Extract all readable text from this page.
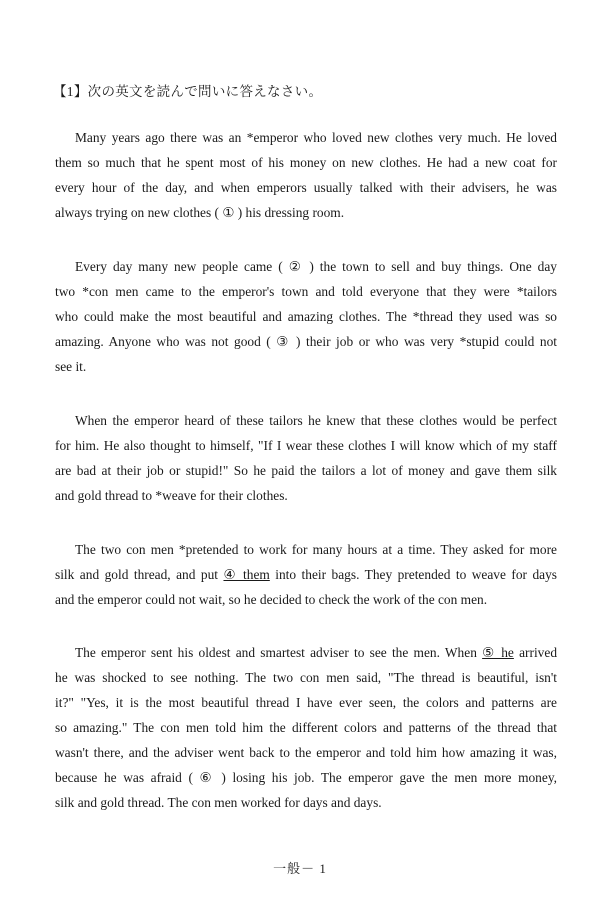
【1】次の英文を読んで問いに答えなさい。
Many years ago there was an *emperor who loved new clothes very much. He loved
them so much that he spent most of his money on new clothes. He had a new coat for
every hour of the day, and when emperors usually talked with their advisers, he was
always trying on new clothes ( ① ) his dressing room.
Every day many new people came ( ② ) the town to sell and buy things. One day
two *con men came to the emperor's town and told everyone that they were *tailors
who could make the most beautiful and amazing clothes. The *thread they used was so
amazing. Anyone who was not good ( ③ ) their job or who was very *stupid could not
see it.
When the emperor heard of these tailors he knew that these clothes would be perfect
for him. He also thought to himself, "If I wear these clothes I will know which of my staff
are bad at their job or stupid!" So he paid the tailors a lot of money and gave them silk
and gold thread to *weave for their clothes.
The two con men *pretended to work for many hours at a time. They asked for more
silk and gold thread, and put ④ them into their bags. They pretended to weave for days
and the emperor could not wait, so he decided to check the work of the con men.
The emperor sent his oldest and smartest adviser to see the men. When ⑤ he arrived
he was shocked to see nothing. The two con men said, "The thread is beautiful, isn't
it?" "Yes, it is the most beautiful thread I have ever seen, the colors and patterns are
so amazing." The con men told him the different colors and patterns of the thread that
wasn't there, and the adviser went back to the emperor and told him how amazing it was,
because he was afraid ( ⑥ ) losing his job. The emperor gave the men more money,
silk and gold thread. The con men worked for days and days.
一般－ 1
